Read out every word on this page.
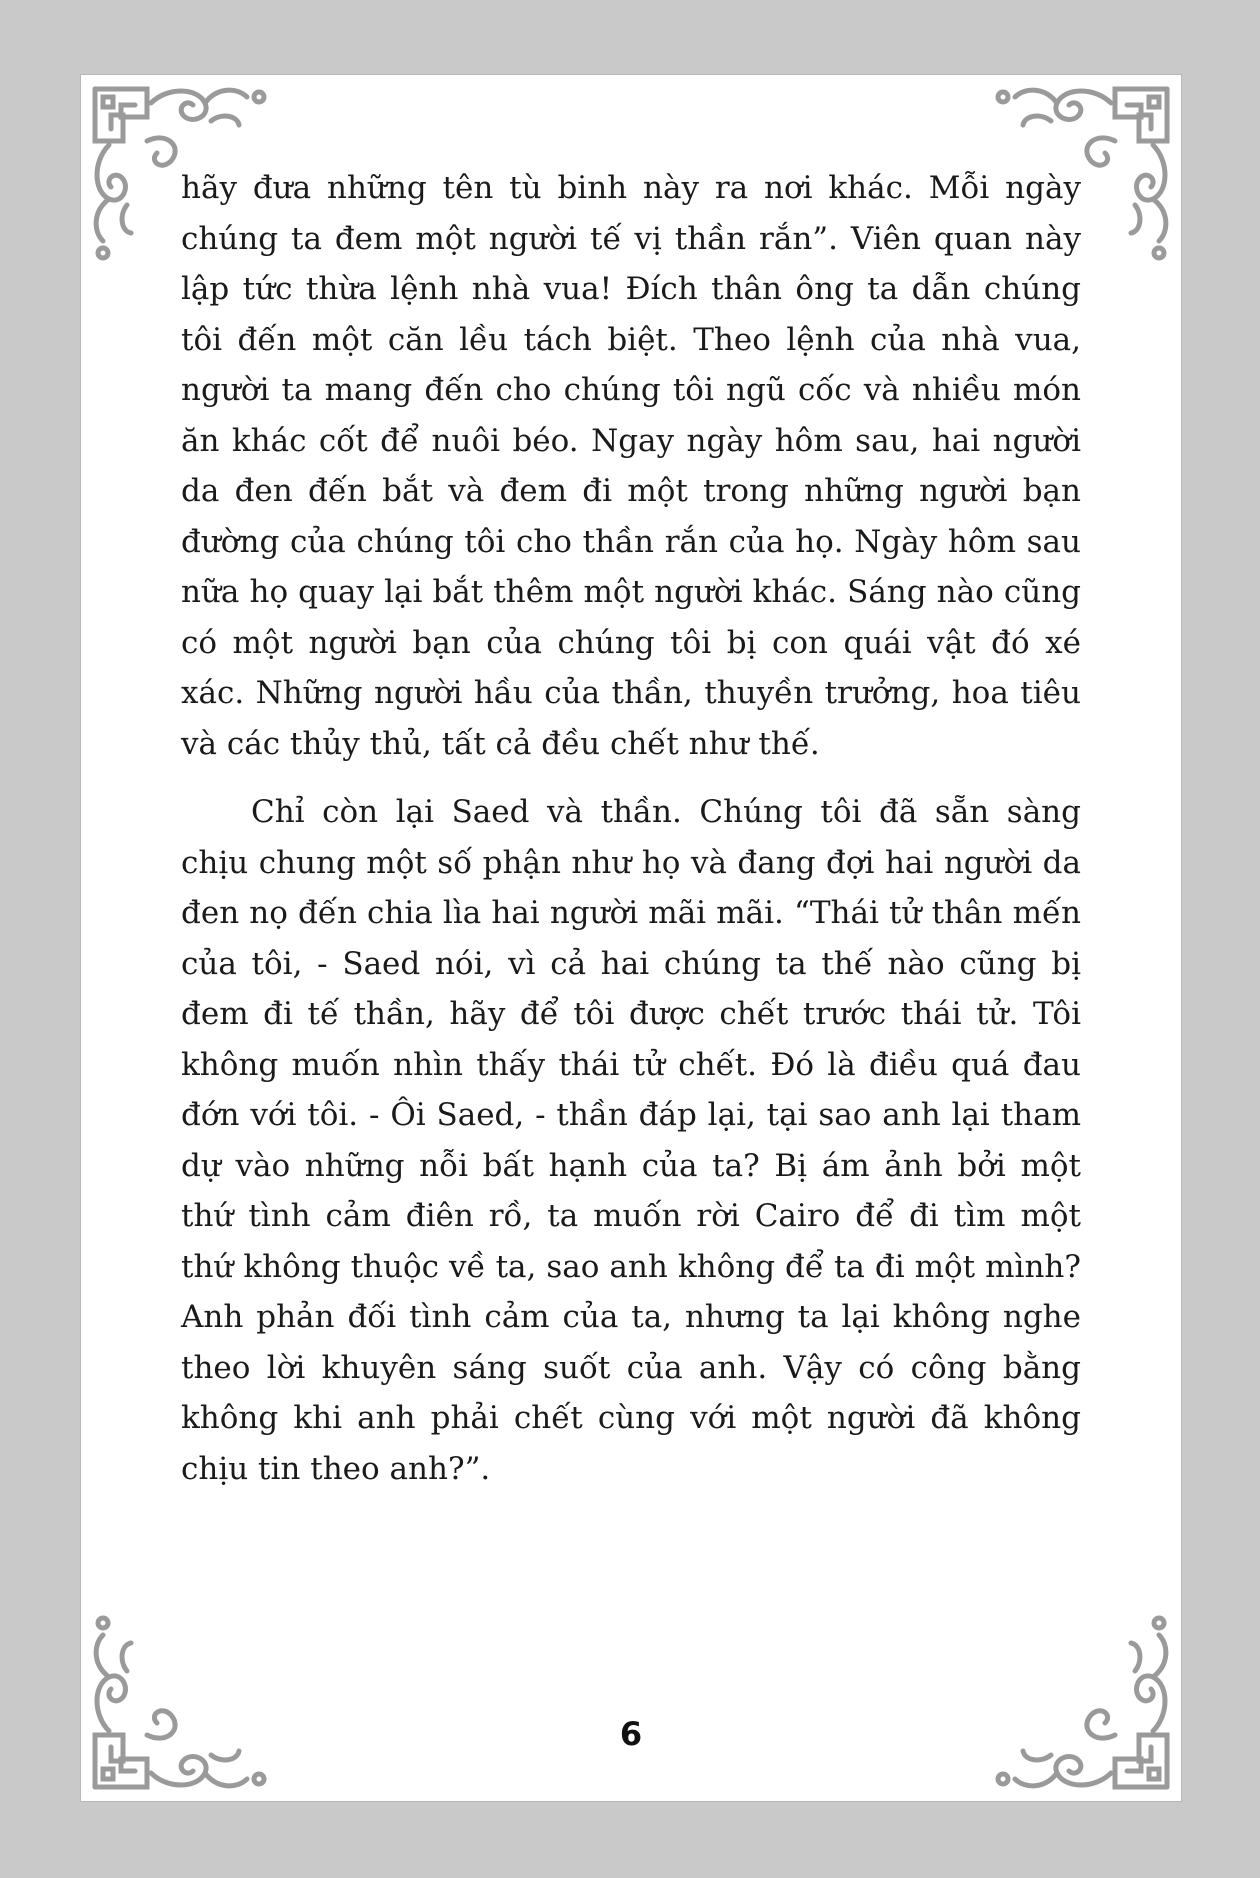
hãy đưa những tên tù binh này ra nơi khác. Mỗi ngày chúng ta đem một người tế vị thần rắn”. Viên quan này lập tức thừa lệnh nhà vua! Đích thân ông ta dẫn chúng tôi đến một căn lều tách biệt. Theo lệnh của nhà vua, người ta mang đến cho chúng tôi ngũ cốc và nhiều món ăn khác cốt để nuôi béo. Ngay ngày hôm sau, hai người da đen đến bắt và đem đi một trong những người bạn đường của chúng tôi cho thần rắn của họ. Ngày hôm sau nữa họ quay lại bắt thêm một người khác. Sáng nào cũng có một người bạn của chúng tôi bị con quái vật đó xé xác. Những người hầu của thần, thuyền trưởng, hoa tiêu và các thủy thủ, tất cả đều chết như thế.

Chỉ còn lại Saed và thần. Chúng tôi đã sẵn sàng chịu chung một số phận như họ và đang đợi hai người da đen nọ đến chia lìa hai người mãi mãi. “Thái tử thân mến của tôi, - Saed nói, vì cả hai chúng ta thế nào cũng bị đem đi tế thần, hãy để tôi được chết trước thái tử. Tôi không muốn nhìn thấy thái tử chết. Đó là điều quá đau đớn với tôi. - Ôi Saed, - thần đáp lại, tại sao anh lại tham dự vào những nỗi bất hạnh của ta? Bị ám ảnh bởi một thứ tình cảm điên rồ, ta muốn rời Cairo để đi tìm một thứ không thuộc về ta, sao anh không để ta đi một mình? Anh phản đối tình cảm của ta, nhưng ta lại không nghe theo lời khuyên sáng suốt của anh. Vậy có công bằng không khi anh phải chết cùng với một người đã không chịu tin theo anh?”.

6
